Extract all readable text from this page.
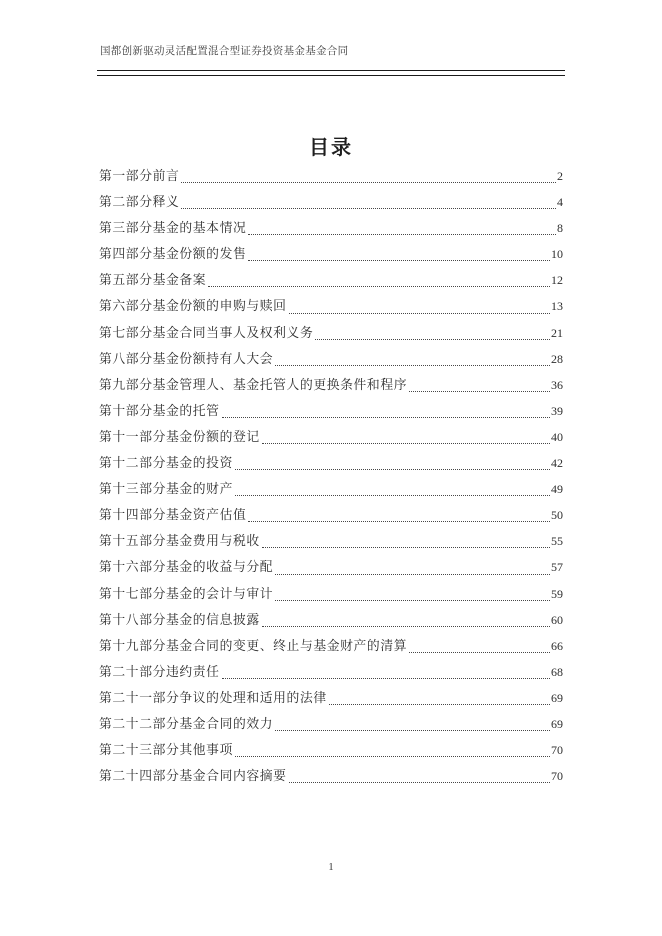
国都创新驱动灵活配置混合型证券投资基金基金合同
目录
第一部分前言	2
第二部分释义	4
第三部分基金的基本情况	8
第四部分基金份额的发售	10
第五部分基金备案	12
第六部分基金份额的申购与赎回	13
第七部分基金合同当事人及权利义务	21
第八部分基金份额持有人大会	28
第九部分基金管理人、基金托管人的更换条件和程序	36
第十部分基金的托管	39
第十一部分基金份额的登记	40
第十二部分基金的投资	42
第十三部分基金的财产	49
第十四部分基金资产估值	50
第十五部分基金费用与税收	55
第十六部分基金的收益与分配	57
第十七部分基金的会计与审计	59
第十八部分基金的信息披露	60
第十九部分基金合同的变更、终止与基金财产的清算	66
第二十部分违约责任	68
第二十一部分争议的处理和适用的法律	69
第二十二部分基金合同的效力	69
第二十三部分其他事项	70
第二十四部分基金合同内容摘要	70
1
